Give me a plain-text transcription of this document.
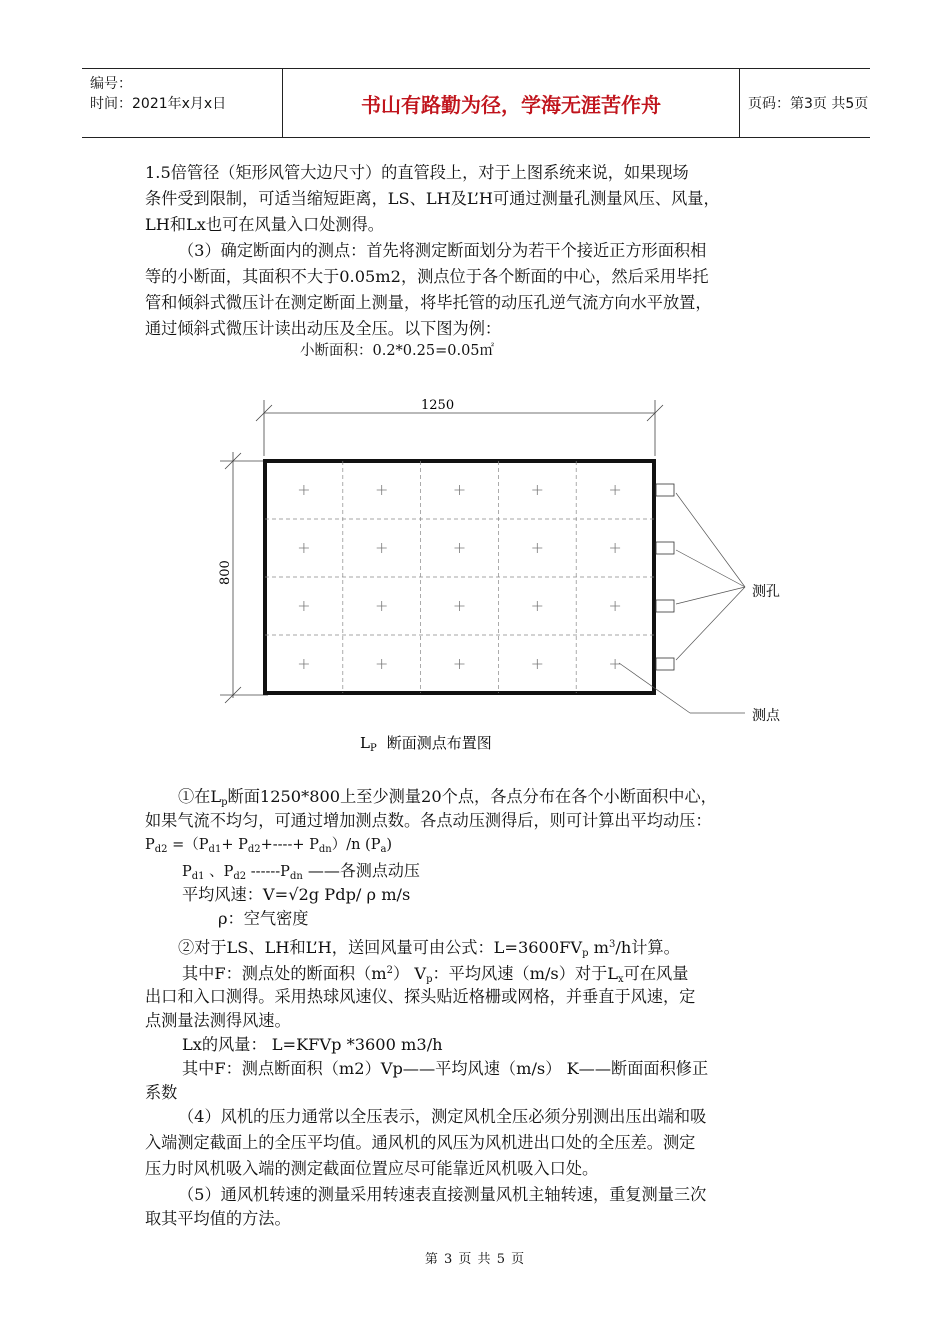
编号：
时间：2021年x月x日	书山有路勤为径，学海无涯苦作舟	页码：第3页 共5页
1.5倍管径（矩形风管大边尺寸）的直管段上，对于上图系统来说，如果现场
条件受到限制，可适当缩短距离，LS、LH及L’H可通过测量孔测量风压、风量，
LH和Lx也可在风量入口处测得。
（3）确定断面内的测点：首先将测定断面划分为若干个接近正方形面积相
等的小断面，其面积不大于0.05m2，测点位于各个断面的中心，然后采用毕托
管和倾斜式微压计在测定断面上测量，将毕托管的动压孔逆气流方向水平放置，
通过倾斜式微压计读出动压及全压。以下图为例：
小断面积：0.2*0.25=0.05㎡
1250
800
测孔
测点
$L_P$ 断面测点布置图
①在$L_p$断面1250*800上至少测量20个点，各点分布在各个小断面积中心，
如果气流不均匀，可通过增加测点数。各点动压测得后，则可计算出平均动压：
$P_{d2} =(P_{d1}+ P_{d2}+----+ P_{dn})/n$ $(P_a)$
$P_{d1}$ 、$P_{d2}$ $------P_{dn}$ ——各测点动压
平均风速：V=√2g Pdp/ ρ m/s
ρ：空气密度
②对于LS、LH和L’H，送回风量可由公式：$L=3600FV_p$ $m^3/h$计算。
其中F：测点处的断面积$(m^2)$ $V_p$：平均风速（m/s）对于$L_x$可在风量
出口和入口测得。采用热球风速仪、探头贴近格栅或网格，并垂直于风速，定
点测量法测得风速。
Lx的风量： L=KFVp *3600 m3/h
其中F：测点断面积（m2）Vp——平均风速（m/s） K——断面面积修正
系数
（4）风机的压力通常以全压表示，测定风机全压必须分别测出压出端和吸
入端测定截面上的全压平均值。通风机的风压为风机进出口处的全压差。测定
压力时风机吸入端的测定截面位置应尽可能靠近风机吸入口处。
（5）通风机转速的测量采用转速表直接测量风机主轴转速，重复测量三次
取其平均值的方法。
第 3 页 共 5 页
